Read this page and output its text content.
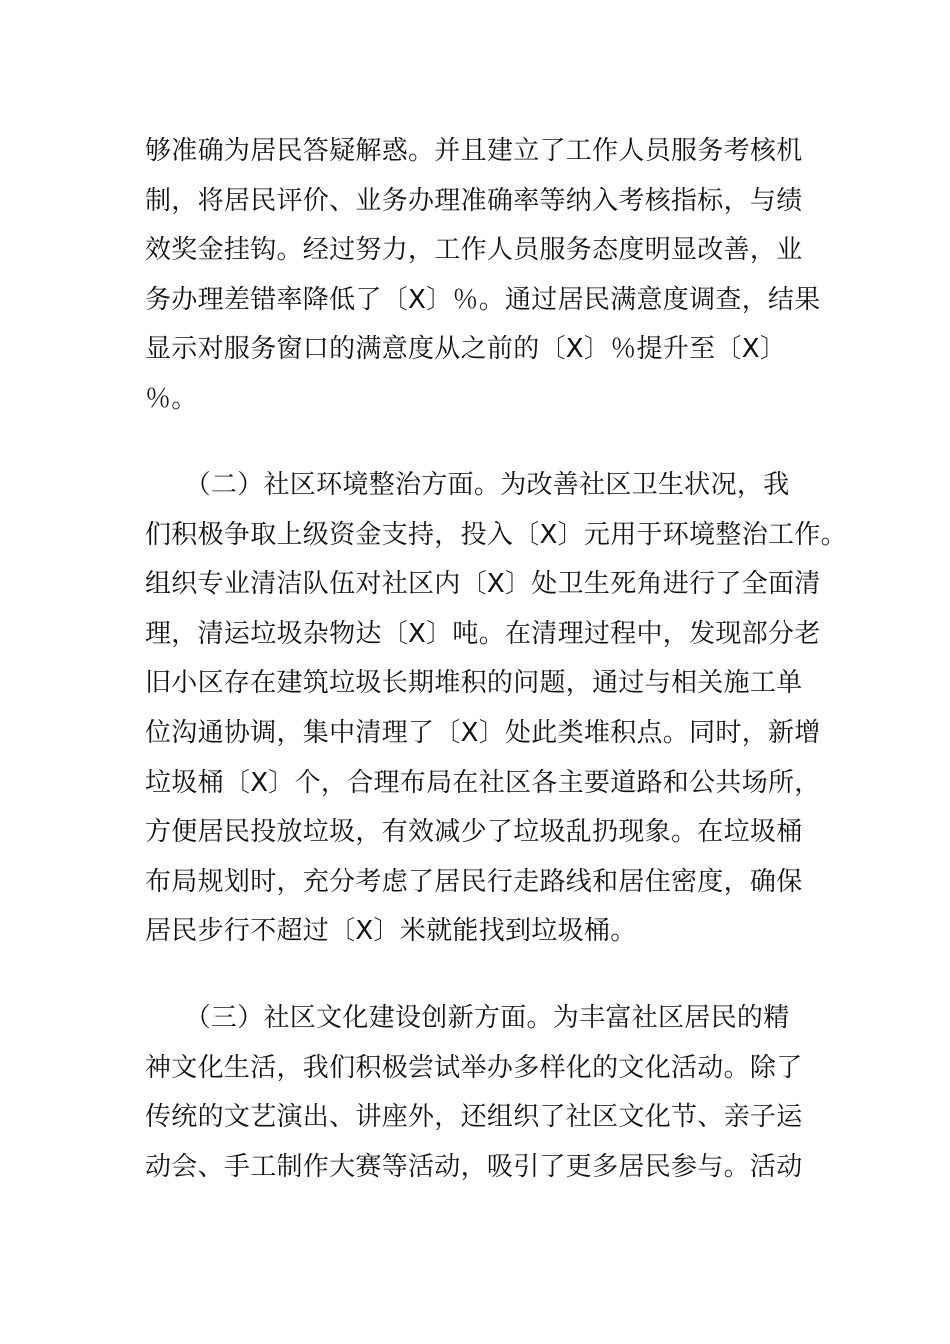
够准确为居民答疑解惑。并且建立了工作人员服务考核机
制，将居民评价、业务办理准确率等纳入考核指标，与绩
效奖金挂钩。经过努力，工作人员服务态度明显改善，业
务办理差错率降低了〔X〕％。通过居民满意度调查，结果
显示对服务窗口的满意度从之前的〔X〕％提升至〔X〕
％。
　　（二）社区环境整治方面。为改善社区卫生状况，我
们积极争取上级资金支持，投入〔X〕元用于环境整治工作。
组织专业清洁队伍对社区内〔X〕处卫生死角进行了全面清
理，清运垃圾杂物达〔X〕吨。在清理过程中，发现部分老
旧小区存在建筑垃圾长期堆积的问题，通过与相关施工单
位沟通协调，集中清理了〔X〕处此类堆积点。同时，新增
垃圾桶〔X〕个，合理布局在社区各主要道路和公共场所，
方便居民投放垃圾，有效减少了垃圾乱扔现象。在垃圾桶
布局规划时，充分考虑了居民行走路线和居住密度，确保
居民步行不超过〔X〕米就能找到垃圾桶。
　　（三）社区文化建设创新方面。为丰富社区居民的精
神文化生活，我们积极尝试举办多样化的文化活动。除了
传统的文艺演出、讲座外，还组织了社区文化节、亲子运
动会、手工制作大赛等活动，吸引了更多居民参与。活动
